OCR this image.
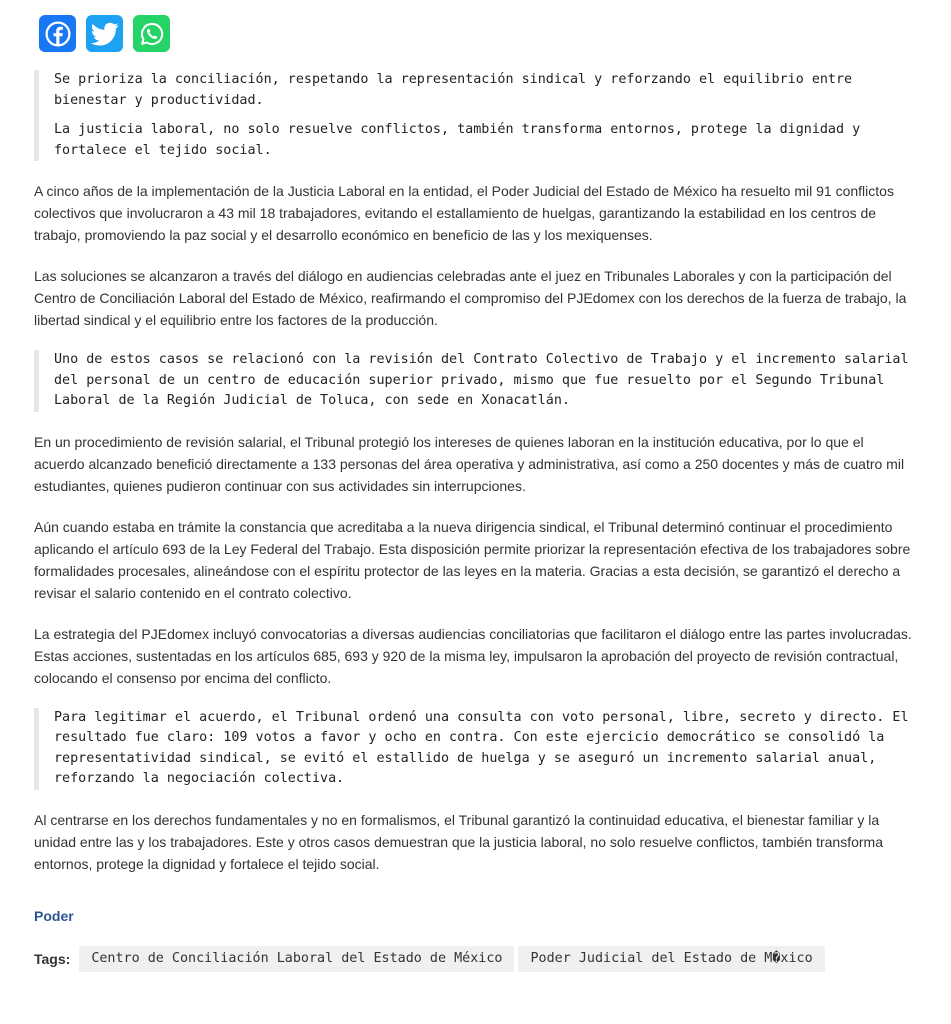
Se prioriza la conciliación, respetando la representación sindical y reforzando el equilibrio entre bienestar y productividad.

La justicia laboral, no solo resuelve conflictos, también transforma entornos, protege la dignidad y fortalece el tejido social.

A cinco años de la implementación de la Justicia Laboral en la entidad, el Poder Judicial del Estado de México ha resuelto mil 91 conflictos colectivos que involucraron a 43 mil 18 trabajadores, evitando el estallamiento de huelgas, garantizando la estabilidad en los centros de trabajo, promoviendo la paz social y el desarrollo económico en beneficio de las y los mexiquenses.

Las soluciones se alcanzaron a través del diálogo en audiencias celebradas ante el juez en Tribunales Laborales y con la participación del Centro de Conciliación Laboral del Estado de México, reafirmando el compromiso del PJEdomex con los derechos de la fuerza de trabajo, la libertad sindical y el equilibrio entre los factores de la producción.

Uno de estos casos se relacionó con la revisión del Contrato Colectivo de Trabajo y el incremento salarial del personal de un centro de educación superior privado, mismo que fue resuelto por el Segundo Tribunal Laboral de la Región Judicial de Toluca, con sede en Xonacatlán.

En un procedimiento de revisión salarial, el Tribunal protegió los intereses de quienes laboran en la institución educativa, por lo que el acuerdo alcanzado benefició directamente a 133 personas del área operativa y administrativa, así como a 250 docentes y más de cuatro mil estudiantes, quienes pudieron continuar con sus actividades sin interrupciones.

Aún cuando estaba en trámite la constancia que acreditaba a la nueva dirigencia sindical, el Tribunal determinó continuar el procedimiento aplicando el artículo 693 de la Ley Federal del Trabajo. Esta disposición permite priorizar la representación efectiva de los trabajadores sobre formalidades procesales, alineándose con el espíritu protector de las leyes en la materia. Gracias a esta decisión, se garantizó el derecho a revisar el salario contenido en el contrato colectivo.

La estrategia del PJEdomex incluyó convocatorias a diversas audiencias conciliatorias que facilitaron el diálogo entre las partes involucradas. Estas acciones, sustentadas en los artículos 685, 693 y 920 de la misma ley, impulsaron la aprobación del proyecto de revisión contractual, colocando el consenso por encima del conflicto.

Para legitimar el acuerdo, el Tribunal ordenó una consulta con voto personal, libre, secreto y directo. El resultado fue claro: 109 votos a favor y ocho en contra. Con este ejercicio democrático se consolidó la representatividad sindical, se evitó el estallido de huelga y se aseguró un incremento salarial anual, reforzando la negociación colectiva.

Al centrarse en los derechos fundamentales y no en formalismos, el Tribunal garantizó la continuidad educativa, el bienestar familiar y la unidad entre las y los trabajadores. Este y otros casos demuestran que la justicia laboral, no solo resuelve conflictos, también transforma entornos, protege la dignidad y fortalece el tejido social.

Poder
Tags:	Centro de Conciliación Laboral del Estado de México	Poder Judicial del Estado de M�xico
